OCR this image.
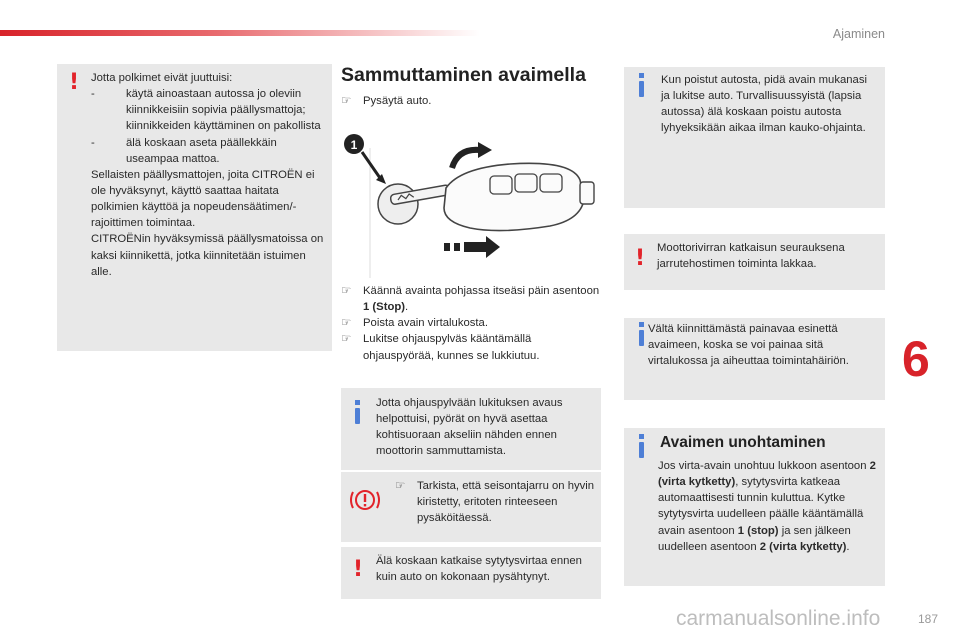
Ajaminen
6
! Jotta polkimet eivät juuttuisi:
-	käytä ainoastaan autossa jo oleviin kiinnikkeisiin sopivia päällysmattoja; kiinnikkeiden käyttäminen on pakollista
-	älä koskaan aseta päällekkäin useampaa mattoa.
Sellaisten päällysmattojen, joita CITROËN ei ole hyväksynyt, käyttö saattaa haitata polkimien käyttöä ja nopeudensäätimen/-rajoittimen toimintaa.
CITROËNin hyväksymissä päällysmatoissa on kaksi kiinnikettä, jotka kiinnitetään istuimen alle.
Sammuttaminen avaimella
☞	Pysäytä auto.
1
☞	Käännä avainta pohjassa itseäsi päin asentoon 1 (Stop).
☞	Poista avain virtalukosta.
☞	Lukitse ohjauspylväs kääntämällä ohjauspyörää, kunnes se lukkiutuu.
Jotta ohjauspylvään lukituksen avaus helpottuisi, pyörät on hyvä asettaa kohtisuoraan akseliin nähden ennen moottorin sammuttamista.
☞	Tarkista, että seisontajarru on hyvin kiristetty, eritoten rinteeseen pysäköitäessä.
! Älä koskaan katkaise sytytysvirtaa ennen kuin auto on kokonaan pysähtynyt.
Kun poistut autosta, pidä avain mukanasi ja lukitse auto. Turvallisuussyistä (lapsia autossa) älä koskaan poistu autosta lyhyeksikään aikaa ilman kauko-ohjainta.
! Moottorivirran katkaisun seurauksena jarrutehostimen toiminta lakkaa.
Vältä kiinnittämästä painavaa esinettä avaimeen, koska se voi painaa sitä virtalukossa ja aiheuttaa toimintahäiriön.
Avaimen unohtaminen
Jos virta-avain unohtuu lukkoon asentoon 2 (virta kytketty), sytytysvirta katkeaa automaattisesti tunnin kuluttua. Kytke sytytysvirta uudelleen päälle kääntämällä avain asentoon 1 (stop) ja sen jälkeen uudelleen asentoon 2 (virta kytketty).
187
carmanualsonline.info
